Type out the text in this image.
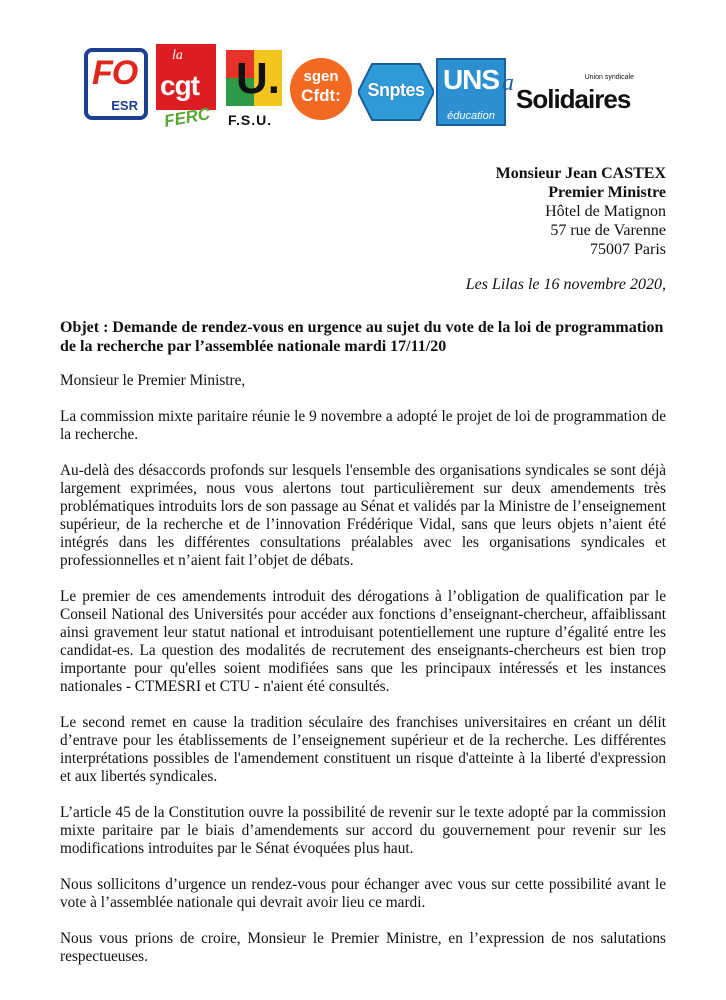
FO
ESR
la
cgt
FERC
U.
F.S.U.
sgen
Cfdt:	Snptes UNS a
éducation
Union syndicale
Solidaires
Monsieur Jean CASTEX
Premier Ministre
Hôtel de Matignon
57 rue de Varenne
75007 Paris
Les Lilas le 16 novembre 2020,
Objet : Demande de rendez-vous en urgence au sujet du vote de la loi de programmation de la recherche par l’assemblée nationale mardi 17/11/20

Monsieur le Premier Ministre,

La commission mixte paritaire réunie le 9 novembre a adopté le projet de loi de programmation de la recherche.

Au-delà des désaccords profonds sur lesquels l'ensemble des organisations syndicales se sont déjà largement exprimées, nous vous alertons tout particulièrement sur deux amendements très problématiques introduits lors de son passage au Sénat et validés par la Ministre de l’enseignement supérieur, de la recherche et de l’innovation Frédérique Vidal, sans que leurs objets n’aient été intégrés dans les différentes consultations préalables avec les organisations syndicales et professionnelles et n’aient fait l’objet de débats.

Le premier de ces amendements introduit des dérogations à l’obligation de qualification par le Conseil National des Universités pour accéder aux fonctions d’enseignant-chercheur, affaiblissant ainsi gravement leur statut national et introduisant potentiellement une rupture d’égalité entre les candidat-es. La question des modalités de recrutement des enseignants-chercheurs est bien trop importante pour qu'elles soient modifiées sans que les principaux intéressés et les instances nationales - CTMESRI et CTU - n'aient été consultés.

Le second remet en cause la tradition séculaire des franchises universitaires en créant un délit d’entrave pour les établissements de l’enseignement supérieur et de la recherche. Les différentes interprétations possibles de l'amendement constituent un risque d'atteinte à la liberté d'expression et aux libertés syndicales.

L’article 45 de la Constitution ouvre la possibilité de revenir sur le texte adopté par la commission mixte paritaire par le biais d’amendements sur accord du gouvernement pour revenir sur les modifications introduites par le Sénat évoquées plus haut.

Nous sollicitons d’urgence un rendez-vous pour échanger avec vous sur cette possibilité avant le vote à l’assemblée nationale qui devrait avoir lieu ce mardi.

Nous vous prions de croire, Monsieur le Premier Ministre, en l’expression de nos salutations respectueuses.
